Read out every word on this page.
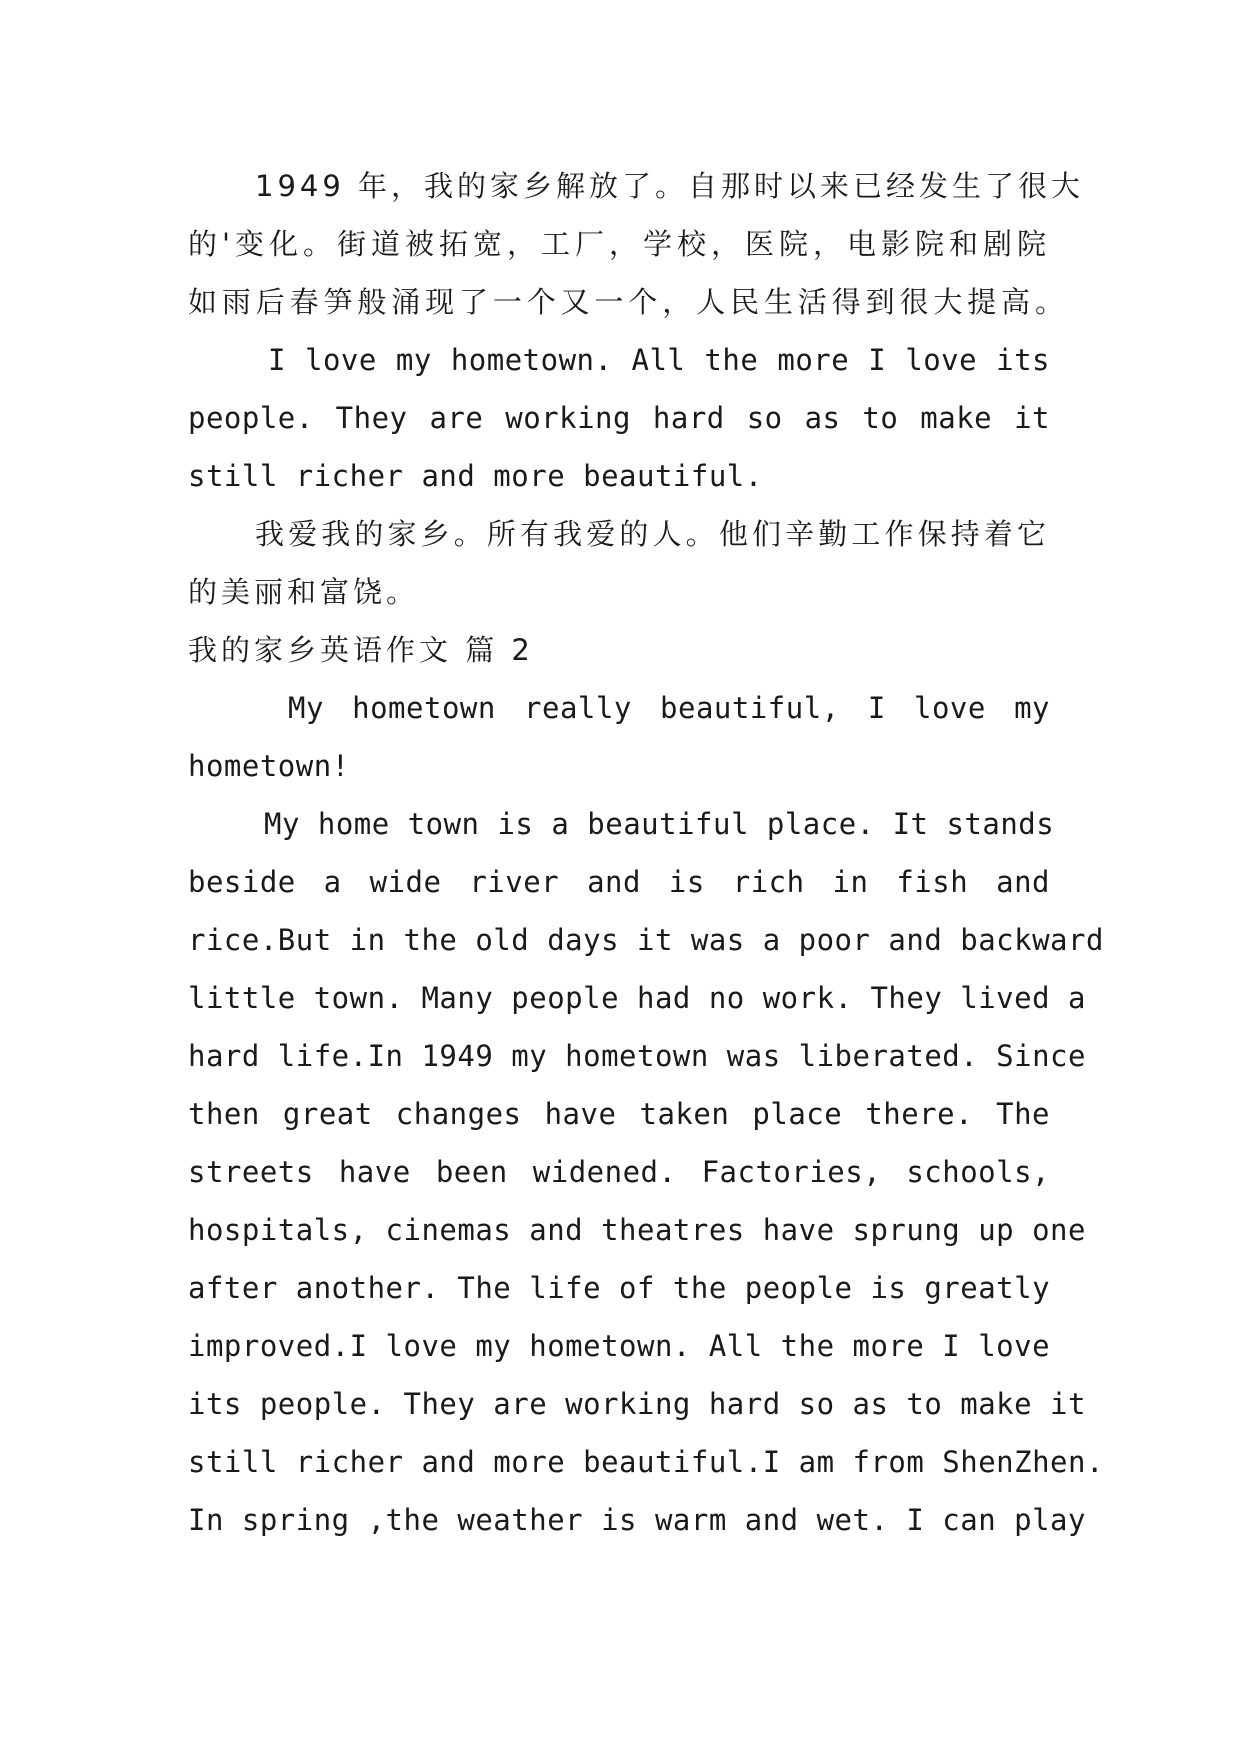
1949 年，我的家乡解放了。自那时以来已经发生了很大
的'变化。街道被拓宽，工厂，学校，医院，电影院和剧院
如雨后春笋般涌现了一个又一个，人民生活得到很大提高。
I love my hometown. All the more I love its
people. They are working hard so as to make it
still richer and more beautiful.
我爱我的家乡。所有我爱的人。他们辛勤工作保持着它
的美丽和富饶。
我的家乡英语作文 篇 2
My hometown really beautiful, I love my
hometown!
My home town is a beautiful place. It stands
beside a wide river and is rich in fish and
rice.But in the old days it was a poor and backward
little town. Many people had no work. They lived a
hard life.In 1949 my hometown was liberated. Since
then great changes have taken place there. The
streets have been widened. Factories, schools,
hospitals, cinemas and theatres have sprung up one
after another. The life of the people is greatly
improved.I love my hometown. All the more I love
its people. They are working hard so as to make it
still richer and more beautiful.I am from ShenZhen.
In spring ,the weather is warm and wet. I can play
